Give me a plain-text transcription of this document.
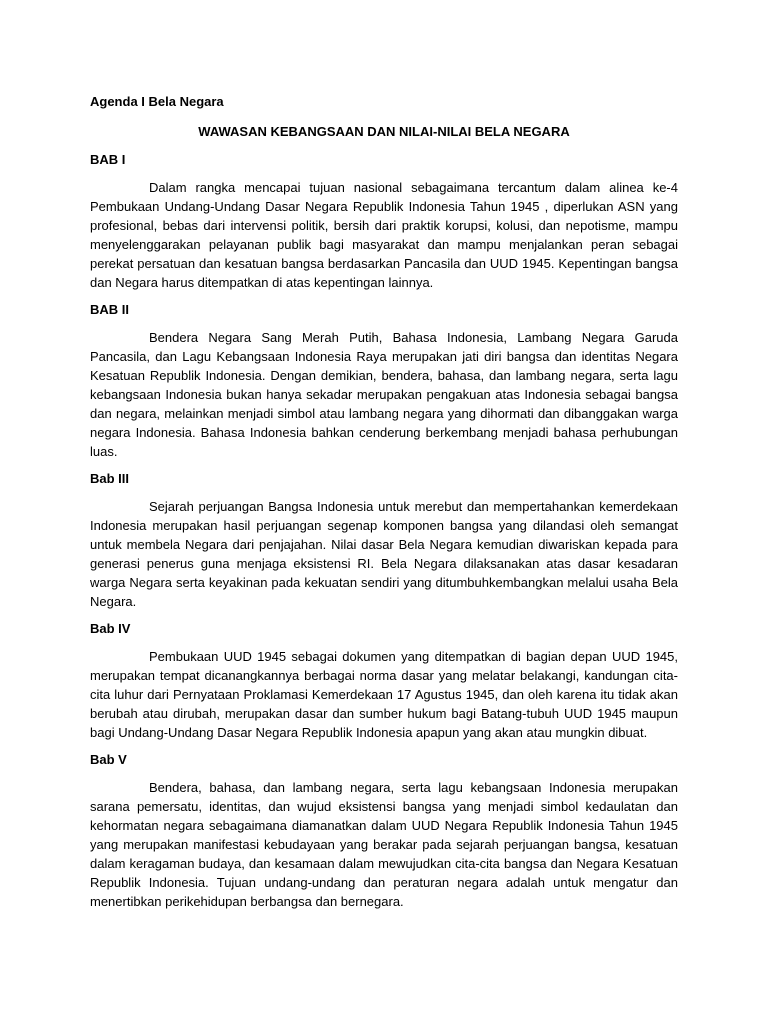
Agenda I Bela Negara

WAWASAN KEBANGSAAN DAN NILAI-NILAI BELA NEGARA

BAB I

Dalam rangka mencapai tujuan nasional sebagaimana tercantum dalam alinea ke-4 Pembukaan Undang-Undang Dasar Negara Republik Indonesia Tahun 1945 , diperlukan ASN yang profesional, bebas dari intervensi politik, bersih dari praktik korupsi, kolusi, dan nepotisme, mampu menyelenggarakan pelayanan publik bagi masyarakat dan mampu menjalankan peran sebagai perekat persatuan dan kesatuan bangsa berdasarkan Pancasila dan UUD 1945. Kepentingan bangsa dan Negara harus ditempatkan di atas kepentingan lainnya.

BAB II

Bendera Negara Sang Merah Putih, Bahasa Indonesia, Lambang Negara Garuda Pancasila, dan Lagu Kebangsaan Indonesia Raya merupakan jati diri bangsa dan identitas Negara Kesatuan Republik Indonesia. Dengan demikian, bendera, bahasa, dan lambang negara, serta lagu kebangsaan Indonesia bukan hanya sekadar merupakan pengakuan atas Indonesia sebagai bangsa dan negara, melainkan menjadi simbol atau lambang negara yang dihormati dan dibanggakan warga negara Indonesia. Bahasa Indonesia bahkan cenderung berkembang menjadi bahasa perhubungan luas.

Bab III

Sejarah perjuangan Bangsa Indonesia untuk merebut dan mempertahankan kemerdekaan Indonesia merupakan hasil perjuangan segenap komponen bangsa yang dilandasi oleh semangat untuk membela Negara dari penjajahan. Nilai dasar Bela Negara kemudian diwariskan kepada para generasi penerus guna menjaga eksistensi RI. Bela Negara dilaksanakan atas dasar kesadaran warga Negara serta keyakinan pada kekuatan sendiri yang ditumbuhkembangkan melalui usaha Bela Negara.

Bab IV

Pembukaan UUD 1945 sebagai dokumen yang ditempatkan di bagian depan UUD 1945, merupakan tempat dicanangkannya berbagai norma dasar yang melatar belakangi, kandungan cita-cita luhur dari Pernyataan Proklamasi Kemerdekaan 17 Agustus 1945, dan oleh karena itu tidak akan berubah atau dirubah, merupakan dasar dan sumber hukum bagi Batang-tubuh UUD 1945 maupun bagi Undang-Undang Dasar Negara Republik Indonesia apapun yang akan atau mungkin dibuat.

Bab V

Bendera, bahasa, dan lambang negara, serta lagu kebangsaan Indonesia merupakan sarana pemersatu, identitas, dan wujud eksistensi bangsa yang menjadi simbol kedaulatan dan kehormatan negara sebagaimana diamanatkan dalam UUD Negara Republik Indonesia Tahun 1945 yang merupakan manifestasi kebudayaan yang berakar pada sejarah perjuangan bangsa, kesatuan dalam keragaman budaya, dan kesamaan dalam mewujudkan cita-cita bangsa dan Negara Kesatuan Republik Indonesia. Tujuan undang-undang dan peraturan negara adalah untuk mengatur dan menertibkan perikehidupan berbangsa dan bernegara.
